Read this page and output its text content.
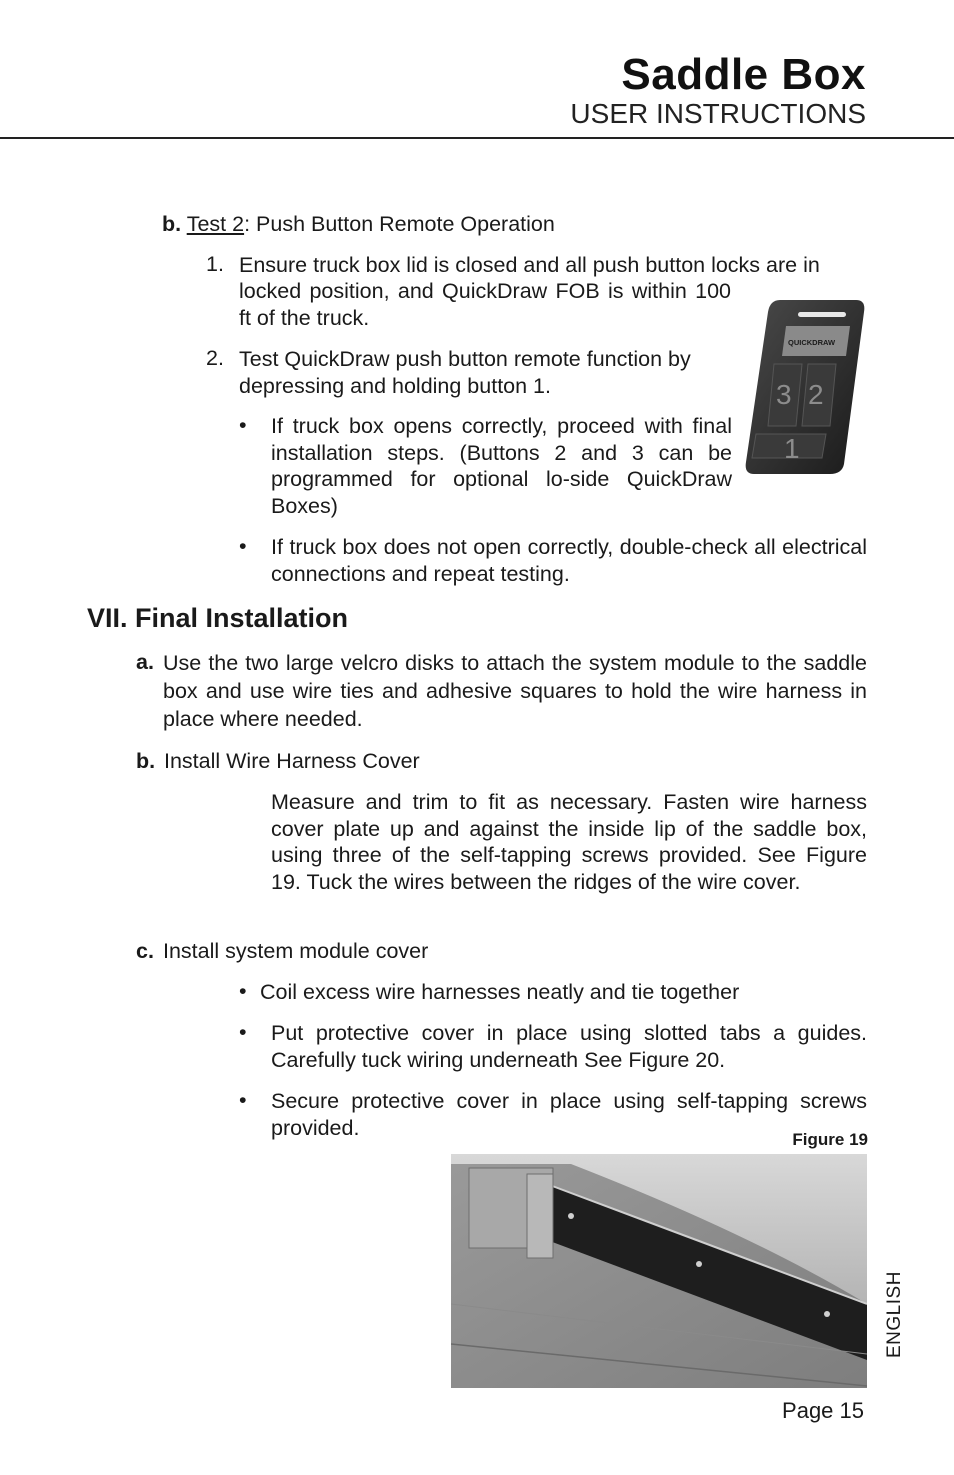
Saddle Box
USER INSTRUCTIONS
b. Test 2: Push Button Remote Operation
1. Ensure truck box lid is closed and all push button locks are in
locked position, and QuickDraw FOB is within 100 ft of the truck.
2. Test QuickDraw push button remote function by depressing and holding button 1.
• If truck box opens correctly, proceed with final installation steps. (Buttons 2 and 3 can be programmed for optional lo-side QuickDraw Boxes)
• If truck box does not open correctly, double-check all electrical connections and repeat testing.
QUICKDRAW
3 2
1
VII. Final Installation
a. Use the two large velcro disks to attach the system module to the saddle box and use wire ties and adhesive squares to hold the wire harness in place where needed.
b. Install Wire Harness Cover
Measure and trim to fit as necessary. Fasten wire harness cover plate up and against the inside lip of the saddle box, using three of the self-tapping screws provided. See Figure 19. Tuck the wires between the ridges of the wire cover.
c. Install system module cover
• Coil excess wire harnesses neatly and tie together
• Put protective cover in place using slotted tabs a guides. Carefully tuck wiring underneath See Figure 20.
• Secure protective cover in place using self-tapping screws provided.	Figure 19
Page 15
ENGLISH
